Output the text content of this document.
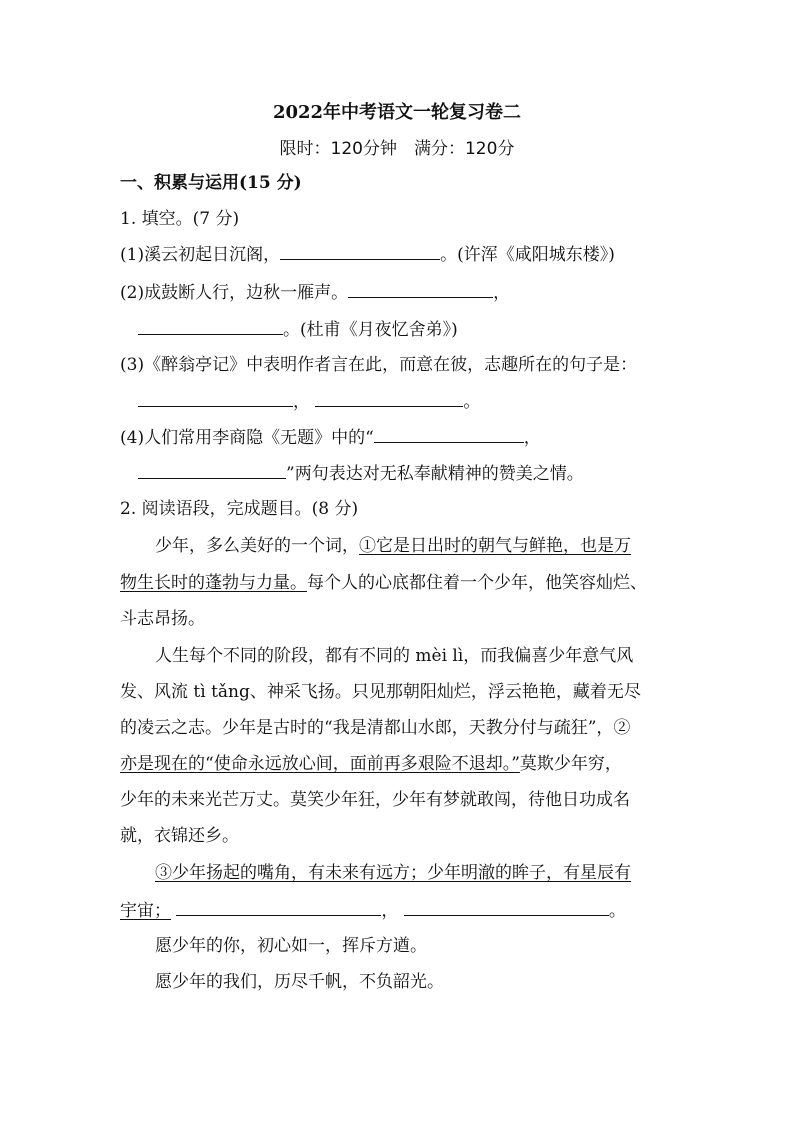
2022年中考语文一轮复习卷二
限时：120分钟　满分：120分
一、积累与运用(15 分)
1. 填空。(7 分)
(1)溪云初起日沉阁，	。(许浑《咸阳城东楼》)
(2)成鼓断人行，边秋一雁声。	，
。(杜甫《月夜忆舍弟》)
(3)《醉翁亭记》中表明作者言在此，而意在彼，志趣所在的句子是：
，	。
(4)人们常用李商隐《无题》中的“	，
”两句表达对无私奉献精神的赞美之情。
2. 阅读语段，完成题目。(8 分)
少年，多么美好的一个词，①它是日出时的朝气与鲜艳，也是万
物生长时的蓬勃与力量。每个人的心底都住着一个少年，他笑容灿烂、
斗志昂扬。
人生每个不同的阶段，都有不同的 mèi lì，而我偏喜少年意气风
发、风流 tì tǎng、神采飞扬。只见那朝阳灿烂，浮云艳艳，藏着无尽
的凌云之志。少年是古时的“我是清都山水郎，天教分付与疏狂”，②
亦是现在的“使命永远放心间，面前再多艰险不退却。”莫欺少年穷，
少年的未来光芒万丈。莫笑少年狂，少年有梦就敢闯，待他日功成名
就，衣锦还乡。
③少年扬起的嘴角，有未来有远方；少年明澈的眸子，有星辰有
宇宙；	，	。
愿少年的你，初心如一，挥斥方遒。
愿少年的我们，历尽千帆，不负韶光。
